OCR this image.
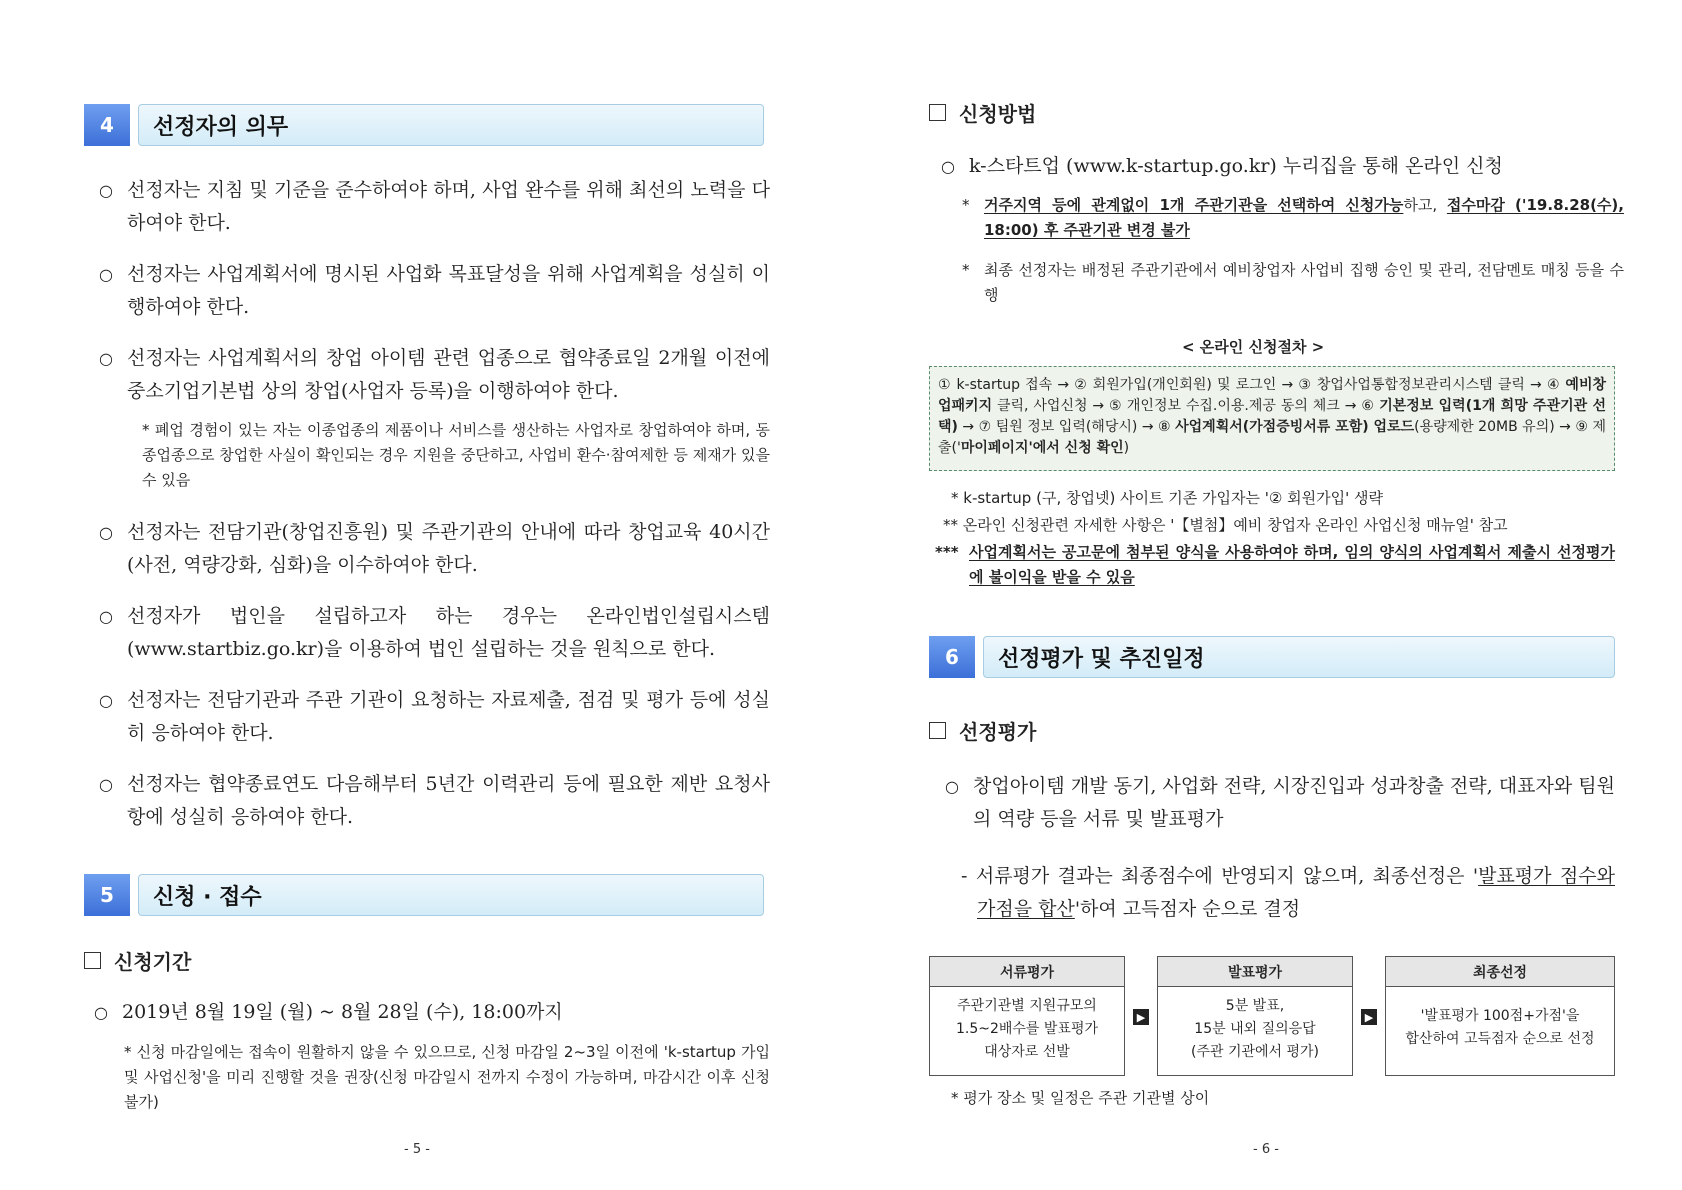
4	선정자의 의무
○ 선정자는 지침 및 기준을 준수하여야 하며, 사업 완수를 위해 최선의 노력을 다하여야 한다.
○ 선정자는 사업계획서에 명시된 사업화 목표달성을 위해 사업계획을 성실히 이행하여야 한다.
○ 선정자는 사업계획서의 창업 아이템 관련 업종으로 협약종료일 2개월 이전에 중소기업기본법 상의 창업(사업자 등록)을 이행하여야 한다.
* 폐업 경험이 있는 자는 이종업종의 제품이나 서비스를 생산하는 사업자로 창업하여야 하며, 동종업종으로 창업한 사실이 확인되는 경우 지원을 중단하고, 사업비 환수·참여제한 등 제재가 있을 수 있음
○ 선정자는 전담기관(창업진흥원) 및 주관기관의 안내에 따라 창업교육 40시간(사전, 역량강화, 심화)을 이수하여야 한다.
○ 선정자가 법인을 설립하고자 하는 경우는 온라인법인설립시스템 (www.startbiz.go.kr)을 이용하여 법인 설립하는 것을 원칙으로 한다.
○ 선정자는 전담기관과 주관 기관이 요청하는 자료제출, 점검 및 평가 등에 성실히 응하여야 한다.
○ 선정자는 협약종료연도 다음해부터 5년간 이력관리 등에 필요한 제반 요청사항에 성실히 응하여야 한다.
5	신청 · 접수
신청기간
○ 2019년 8월 19일 (월) ~ 8월 28일 (수), 18:00까지
* 신청 마감일에는 접속이 원활하지 않을 수 있으므로, 신청 마감일 2~3일 이전에 'k-startup 가입 및 사업신청'을 미리 진행할 것을 권장(신청 마감일시 전까지 수정이 가능하며, 마감시간 이후 신청불가)
- 5 -
신청방법
○ k-스타트업 (www.k-startup.go.kr) 누리집을 통해 온라인 신청
* 거주지역 등에 관계없이 1개 주관기관을 선택하여 신청가능하고, 접수마감 ('19.8.28(수), 18:00) 후 주관기관 변경 불가
* 최종 선정자는 배정된 주관기관에서 예비창업자 사업비 집행 승인 및 관리, 전담멘토 매칭 등을 수행
< 온라인 신청절차 >
① k-startup 접속 → ② 회원가입(개인회원) 및 로그인 → ③ 창업사업통합정보관리시스템 클릭 → ④ 예비창업패키지 클릭, 사업신청 → ⑤ 개인정보 수집.이용.제공 동의 체크 → ⑥ 기본정보 입력(1개 희망 주관기관 선택) → ⑦ 팀원 정보 입력(해당시) → ⑧ 사업계획서(가점증빙서류 포함) 업로드(용량제한 20MB 유의) → ⑨ 제출('마이페이지'에서 신청 확인)
* k-startup (구, 창업넷) 사이트 기존 가입자는 '② 회원가입' 생략
** 온라인 신청관련 자세한 사항은 '【별첨】예비 창업자 온라인 사업신청 매뉴얼' 참고
*** 사업계획서는 공고문에 첨부된 양식을 사용하여야 하며, 임의 양식의 사업계획서 제출시 선정평가에 불이익을 받을 수 있음
6	선정평가 및 추진일정
선정평가
○ 창업아이템 개발 동기, 사업화 전략, 시장진입과 성과창출 전략, 대표자와 팀원의 역량 등을 서류 및 발표평가
- 서류평가 결과는 최종점수에 반영되지 않으며, 최종선정은 '발표평가 점수와 가점을 합산'하여 고득점자 순으로 결정
서류평가
주관기관별 지원규모의
1.5~2배수를 발표평가
대상자로 선발
▶
발표평가
5분 발표,
15분 내외 질의응답
(주관 기관에서 평가)
▶
최종선정
'발표평가 100점+가점'을
합산하여 고득점자 순으로 선정
* 평가 장소 및 일정은 주관 기관별 상이
- 6 -
